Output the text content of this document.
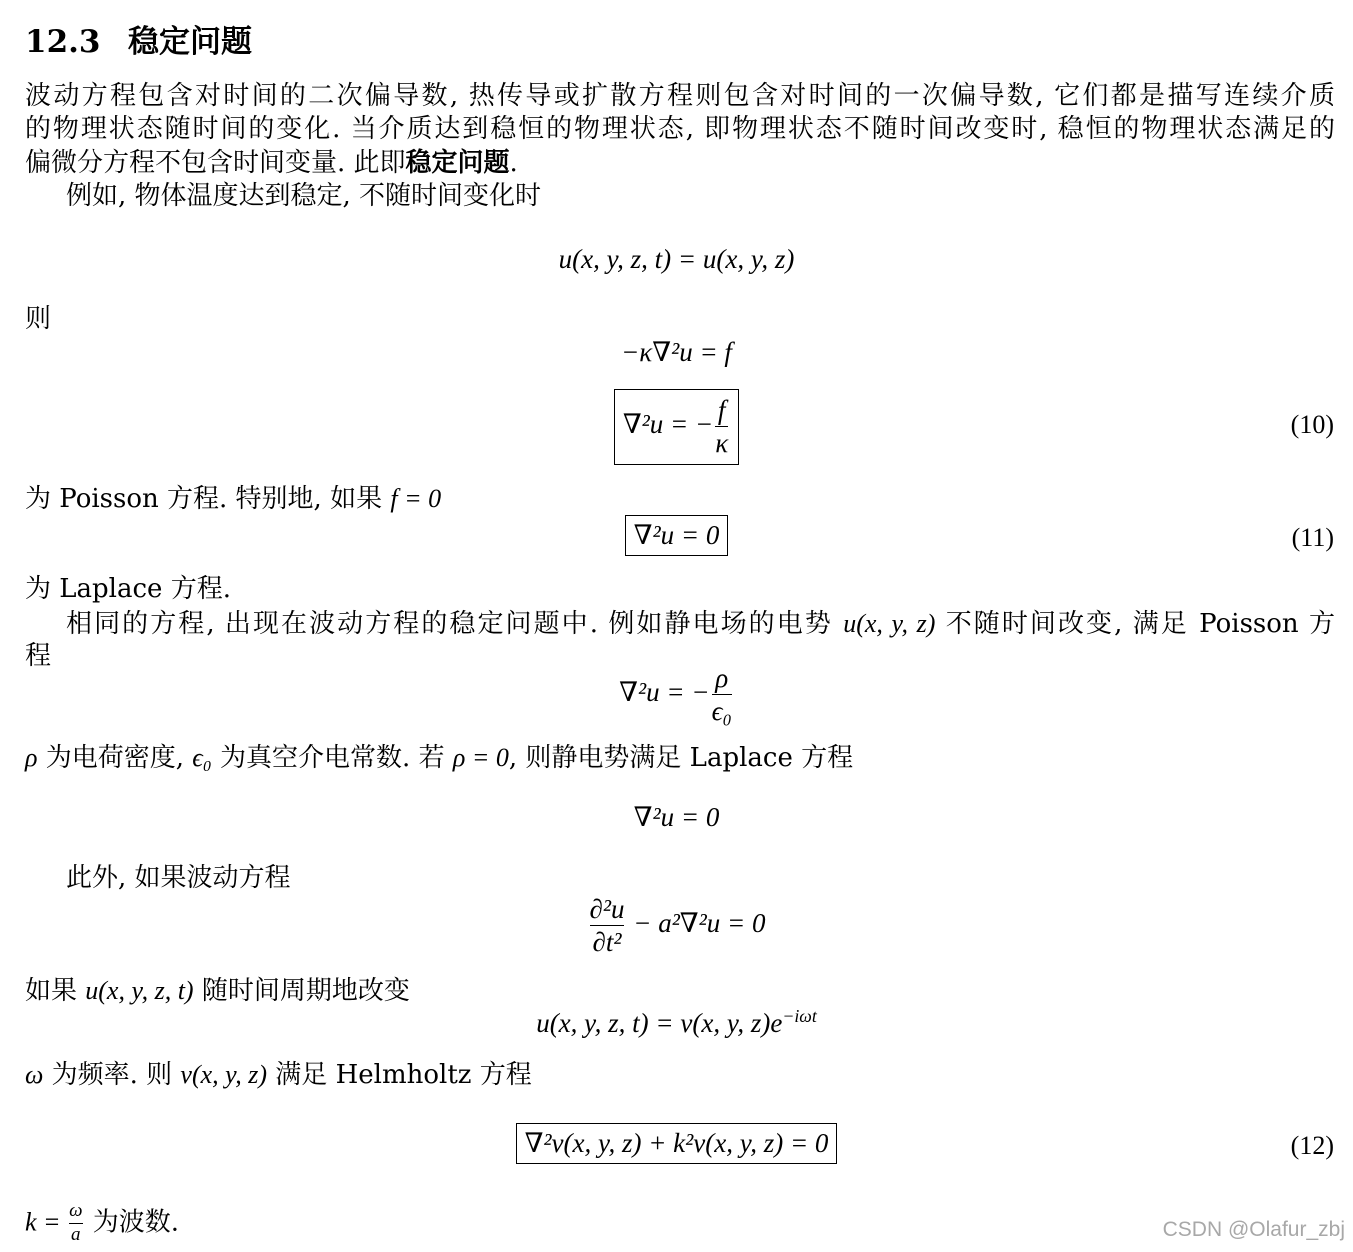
12.3 稳定问题
波动方程包含对时间的二次偏导数, 热传导或扩散方程则包含对时间的一次偏导数, 它们都是描写连续介质
的物理状态随时间的变化. 当介质达到稳恒的物理状态, 即物理状态不随时间改变时, 稳恒的物理状态满足的
偏微分方程不包含时间变量. 此即稳定问题.
例如, 物体温度达到稳定, 不随时间变化时
u(x, y, z, t) = u(x, y, z)
则
−κ∇²u = f
∇²u = − $\frac{f}{\kappa}$	(10)
为 Poisson 方程. 特别地, 如果 f = 0
∇²u = 0	(11)
为 Laplace 方程.
相同的方程, 出现在波动方程的稳定问题中. 例如静电场的电势 u(x, y, z) 不随时间改变, 满足 Poisson 方
程
∇²u = − $\frac{\rho}{\text{ϵ₀}}$
ρ 为电荷密度, ϵ₀ 为真空介电常数. 若 ρ = 0, 则静电势满足 Laplace 方程
∇²u = 0
此外, 如果波动方程
$\frac{\text{∂²u}}{\text{∂t²}} - a^2\nabla^2u = 0$
如果 u(x, y, z, t) 随时间周期地改变
u(x, y, z, t) = v(x, y, $z)e^{-i\omega t}$
ω 为频率. 则 v(x, y, z) 满足 Helmholtz 方程
∇²v(x, y, z) + k²v(x, y, z) = 0	(12)
$k = \frac{\omega}{a}$ 为波数.	CSDN @Olafur_zbj
